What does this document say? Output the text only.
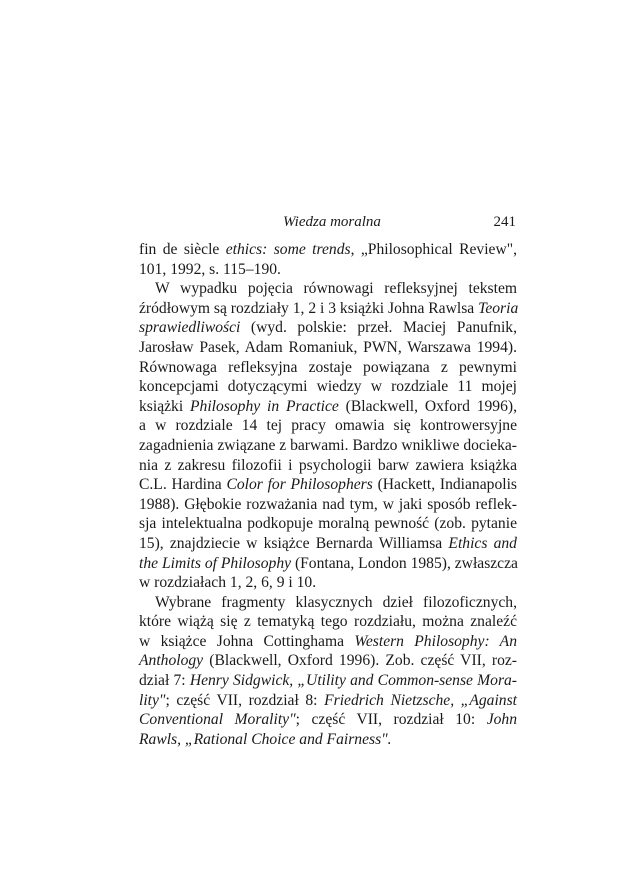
Wiedza moralna	241
fin de siècle ethics: some trends, „Philosophical Review",
101, 1992, s. 115–190.
W wypadku pojęcia równowagi refleksyjnej tekstem
źródłowym są rozdziały 1, 2 i 3 książki Johna Rawlsa Teoria
sprawiedliwości (wyd. polskie: przeł. Maciej Panufnik,
Jarosław Pasek, Adam Romaniuk, PWN, Warszawa 1994).
Równowaga refleksyjna zostaje powiązana z pewnymi
koncepcjami dotyczącymi wiedzy w rozdziale 11 mojej
książki Philosophy in Practice (Blackwell, Oxford 1996),
a w rozdziale 14 tej pracy omawia się kontrowersyjne
zagadnienia związane z barwami. Bardzo wnikliwe docieka-
nia z zakresu filozofii i psychologii barw zawiera książka
C.L. Hardina Color for Philosophers (Hackett, Indianapolis
1988). Głębokie rozważania nad tym, w jaki sposób reflek-
sja intelektualna podkopuje moralną pewność (zob. pytanie
15), znajdziecie w książce Bernarda Williamsa Ethics and
the Limits of Philosophy (Fontana, London 1985), zwłaszcza
w rozdziałach 1, 2, 6, 9 i 10.
Wybrane fragmenty klasycznych dzieł filozoficznych,
które wiążą się z tematyką tego rozdziału, można znaleźć
w książce Johna Cottinghama Western Philosophy: An
Anthology (Blackwell, Oxford 1996). Zob. część VII, roz-
dział 7: Henry Sidgwick, „Utility and Common-sense Mora-
lity"; część VII, rozdział 8: Friedrich Nietzsche, „Against
Conventional Morality"; część VII, rozdział 10: John
Rawls, „Rational Choice and Fairness".
